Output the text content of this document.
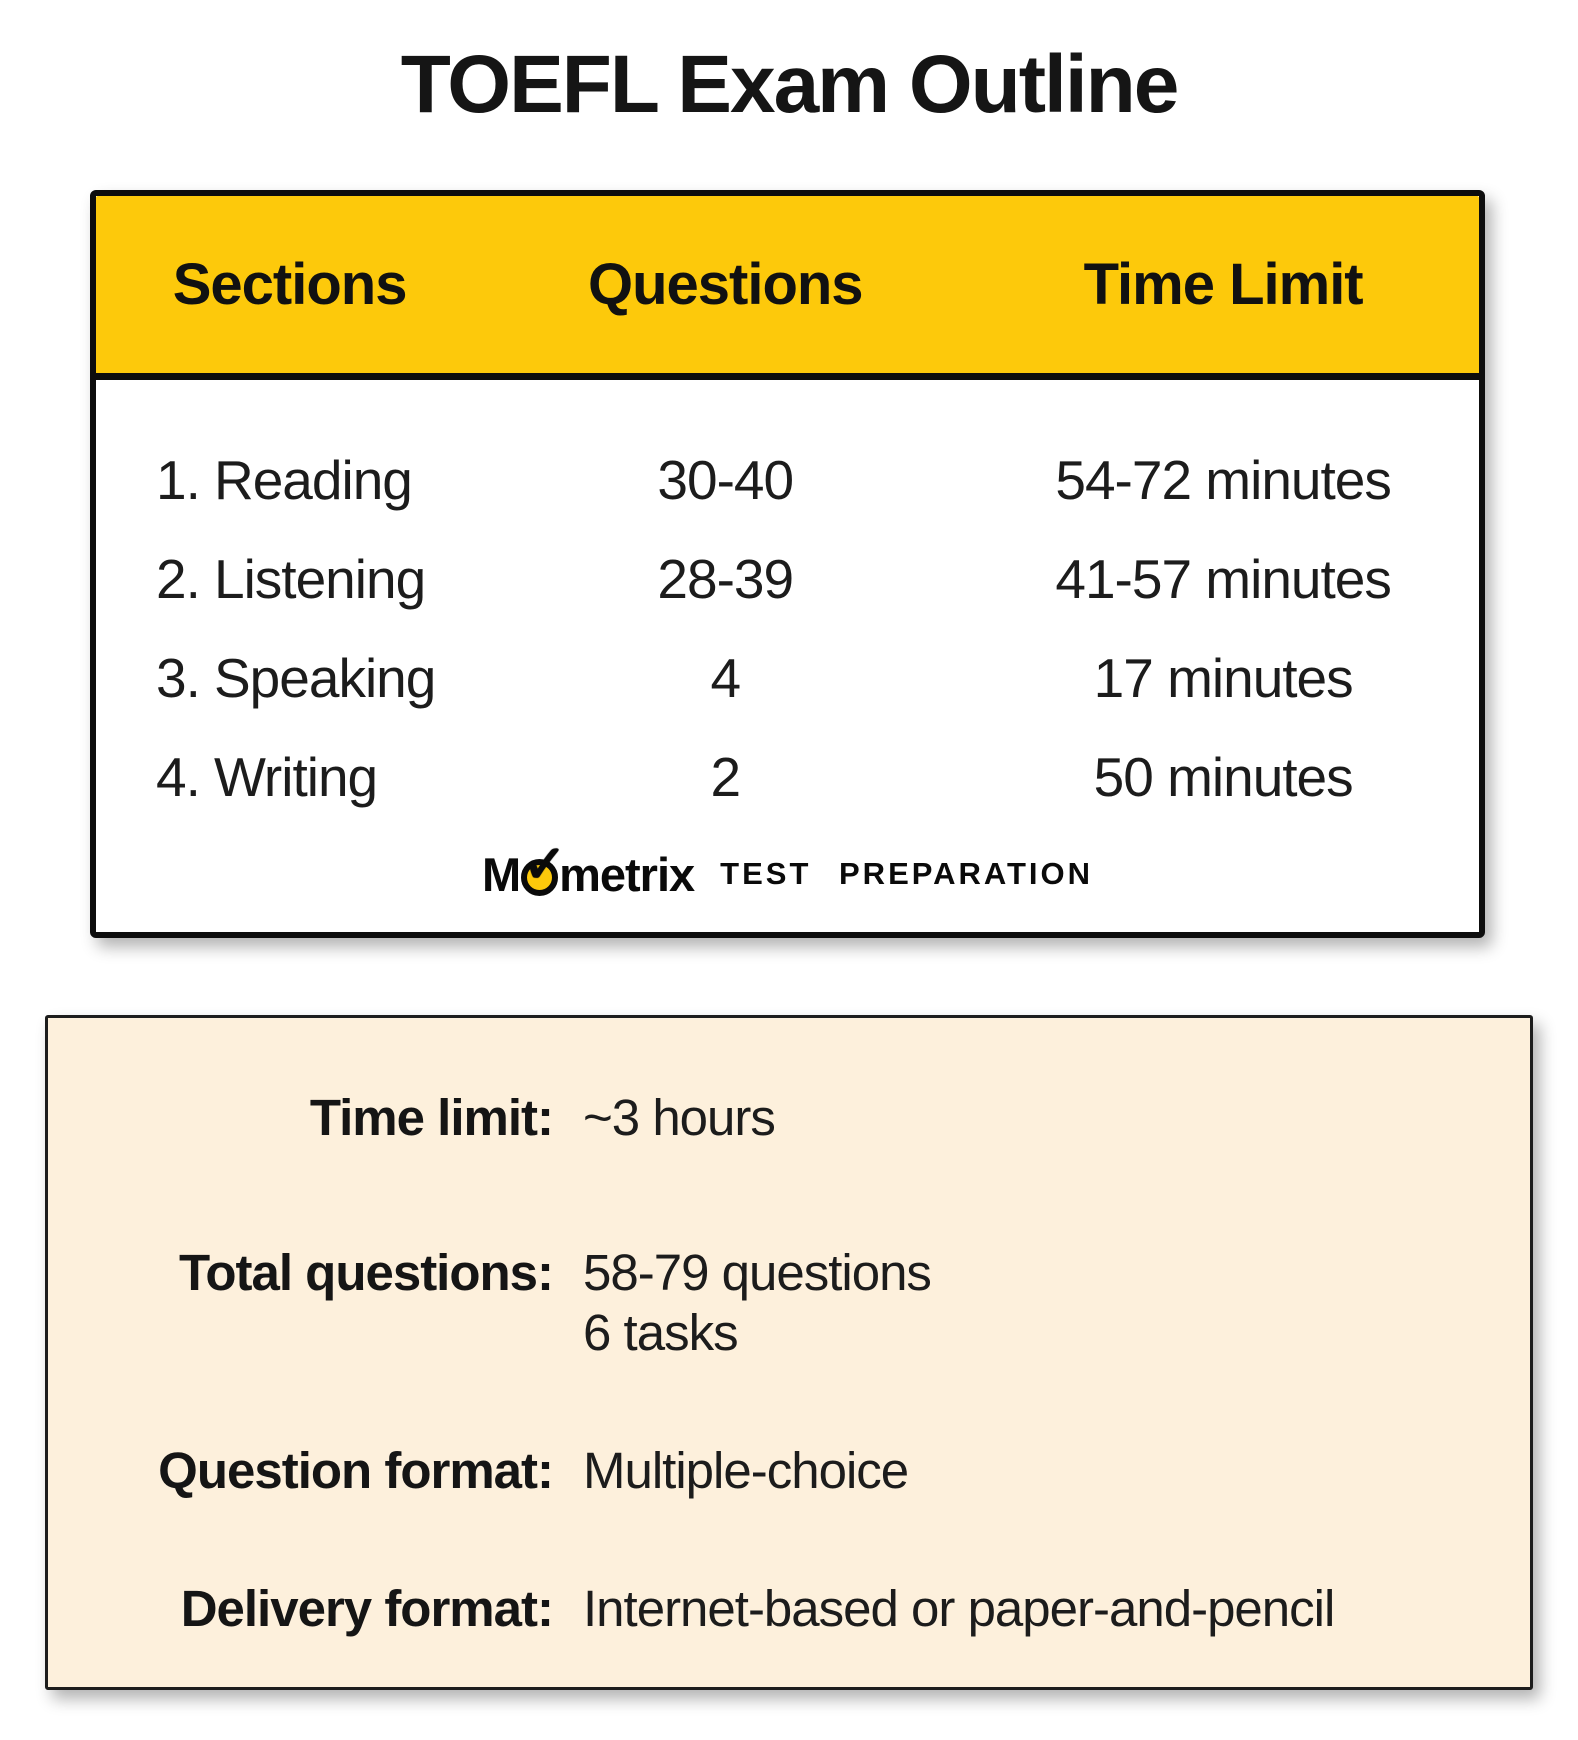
TOEFL Exam Outline
Sections	Questions	Time Limit
1. Reading	30-40	54-72 minutes
2. Listening	28-39	41-57 minutes
3. Speaking	4	17 minutes
4. Writing	2	50 minutes
M ✓
metrix TEST PREPARATION
Time limit: ~3 hours
Total questions: 58-79 questions
6 tasks
Question format: Multiple-choice
Delivery format: Internet-based or paper-and-pencil
